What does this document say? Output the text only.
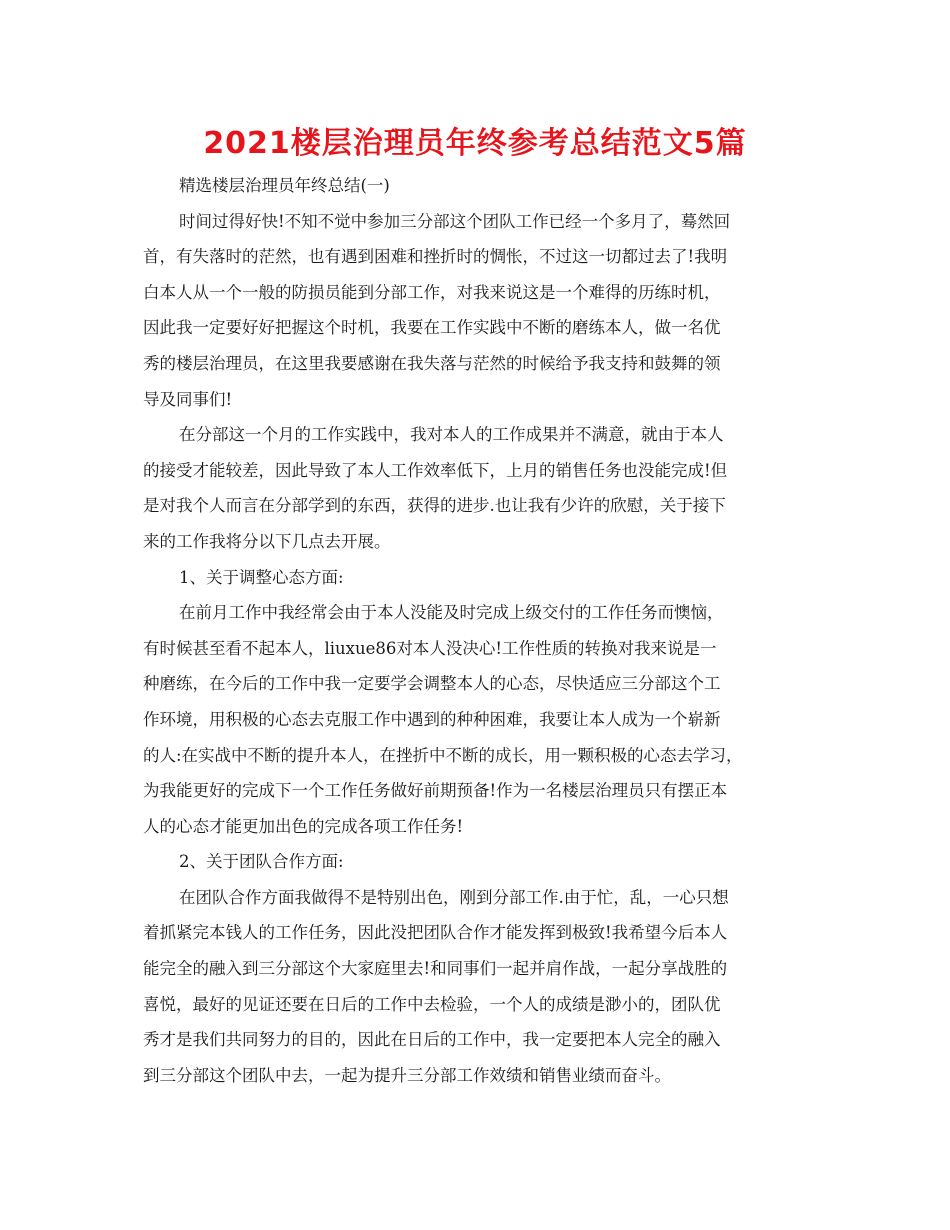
2021楼层治理员年终参考总结范文5篇
精选楼层治理员年终总结(一)
时间过得好快!不知不觉中参加三分部这个团队工作已经一个多月了，蓦然回
首，有失落时的茫然，也有遇到困难和挫折时的惆怅，不过这一切都过去了!我明
白本人从一个一般的防损员能到分部工作，对我来说这是一个难得的历练时机，
因此我一定要好好把握这个时机，我要在工作实践中不断的磨练本人，做一名优
秀的楼层治理员，在这里我要感谢在我失落与茫然的时候给予我支持和鼓舞的领
导及同事们!
在分部这一个月的工作实践中，我对本人的工作成果并不满意，就由于本人
的接受才能较差，因此导致了本人工作效率低下，上月的销售任务也没能完成!但
是对我个人而言在分部学到的东西，获得的进步.也让我有少许的欣慰，关于接下
来的工作我将分以下几点去开展。
1、关于调整心态方面:
在前月工作中我经常会由于本人没能及时完成上级交付的工作任务而懊恼，
有时候甚至看不起本人，liuxue86对本人没决心!工作性质的转换对我来说是一
种磨练，在今后的工作中我一定要学会调整本人的心态，尽快适应三分部这个工
作环境，用积极的心态去克服工作中遇到的种种困难，我要让本人成为一个崭新
的人:在实战中不断的提升本人，在挫折中不断的成长，用一颗积极的心态去学习，
为我能更好的完成下一个工作任务做好前期预备!作为一名楼层治理员只有摆正本
人的心态才能更加出色的完成各项工作任务!
2、关于团队合作方面:
在团队合作方面我做得不是特别出色，刚到分部工作.由于忙，乱，一心只想
着抓紧完本钱人的工作任务，因此没把团队合作才能发挥到极致!我希望今后本人
能完全的融入到三分部这个大家庭里去!和同事们一起并肩作战，一起分享战胜的
喜悦，最好的见证还要在日后的工作中去检验，一个人的成绩是渺小的，团队优
秀才是我们共同努力的目的，因此在日后的工作中，我一定要把本人完全的融入
到三分部这个团队中去，一起为提升三分部工作效绩和销售业绩而奋斗。
